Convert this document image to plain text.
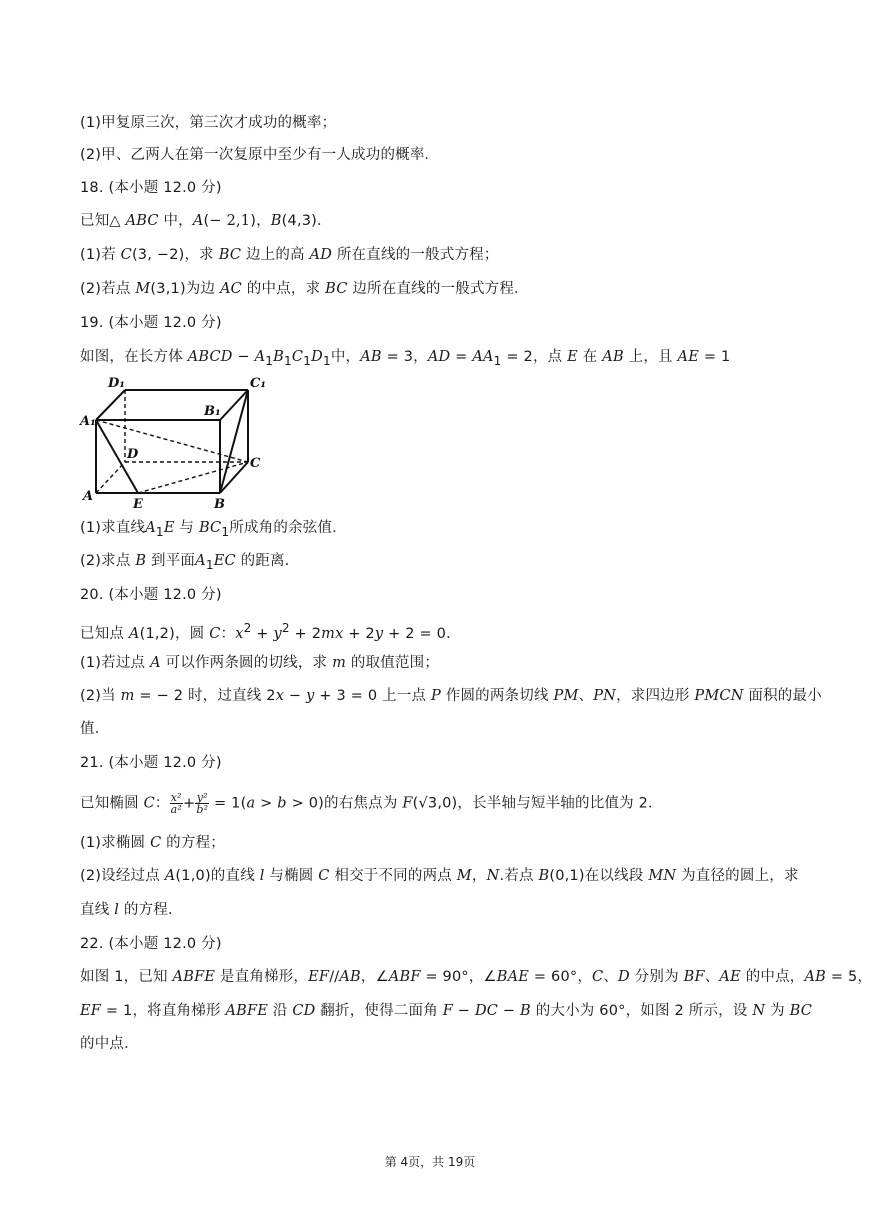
(1)甲复原三次，第三次才成功的概率；
(2)甲、乙两人在第一次复原中至少有一人成功的概率．
18. (本小题 12.0 分)
已知△ ABC 中，A(− 2,1)，B(4,3)．
(1)若 C(3, −2)，求 BC 边上的高 AD 所在直线的一般式方程；
(2)若点 M(3,1)为边 AC 的中点，求 BC 边所在直线的一般式方程．
19. (本小题 12.0 分)
如图，在长方体 ABCD − $A_1B_1C_1D_1$中，AB = 3，AD = $AA_1 = 2$，点 E 在 AB 上，且 AE = 1
D₁	C₁
B₁
A₁
D
C
A
E	B
(1)求直线$A_1E$ 与 $BC_1$所成角的余弦值．
(2)求点 B 到平面$A_1EC$ 的距离．
20. (本小题 12.0 分)
已知点 A(1,2)，圆 C：$x^2 + y^2 + 2mx + 2y + 2 = 0$．
(1)若过点 A 可以作两条圆的切线，求 m 的取值范围；
(2)当 m = − 2 时，过直线 2x − y + 3 = 0 上一点 P 作圆的两条切线 PM、PN，求四边形 PMCN 面积的最小
值．
21. (本小题 12.0 分)
已知椭圆 C： $\frac{\text{x²}}{\text{a²}} + \frac{\text{y²}}{\text{b²}} = 1(a > b > 0)$的右焦点为 F(√3,0)，长半轴与短半轴的比值为 2．
(1)求椭圆 C 的方程；
(2)设经过点 A(1,0)的直线 l 与椭圆 C 相交于不同的两点 M，N.若点 B(0,1)在以线段 MN 为直径的圆上，求
直线 l 的方程．
22. (本小题 12.0 分)
如图 1，已知 ABFE 是直角梯形，EF//AB，∠ABF = 90°，∠BAE = 60°，C、D 分别为 BF、AE 的中点，AB = 5，
EF = 1，将直角梯形 ABFE 沿 CD 翻折，使得二面角 F − DC − B 的大小为 60°，如图 2 所示，设 N 为 BC
的中点．
第 4页，共 19页
